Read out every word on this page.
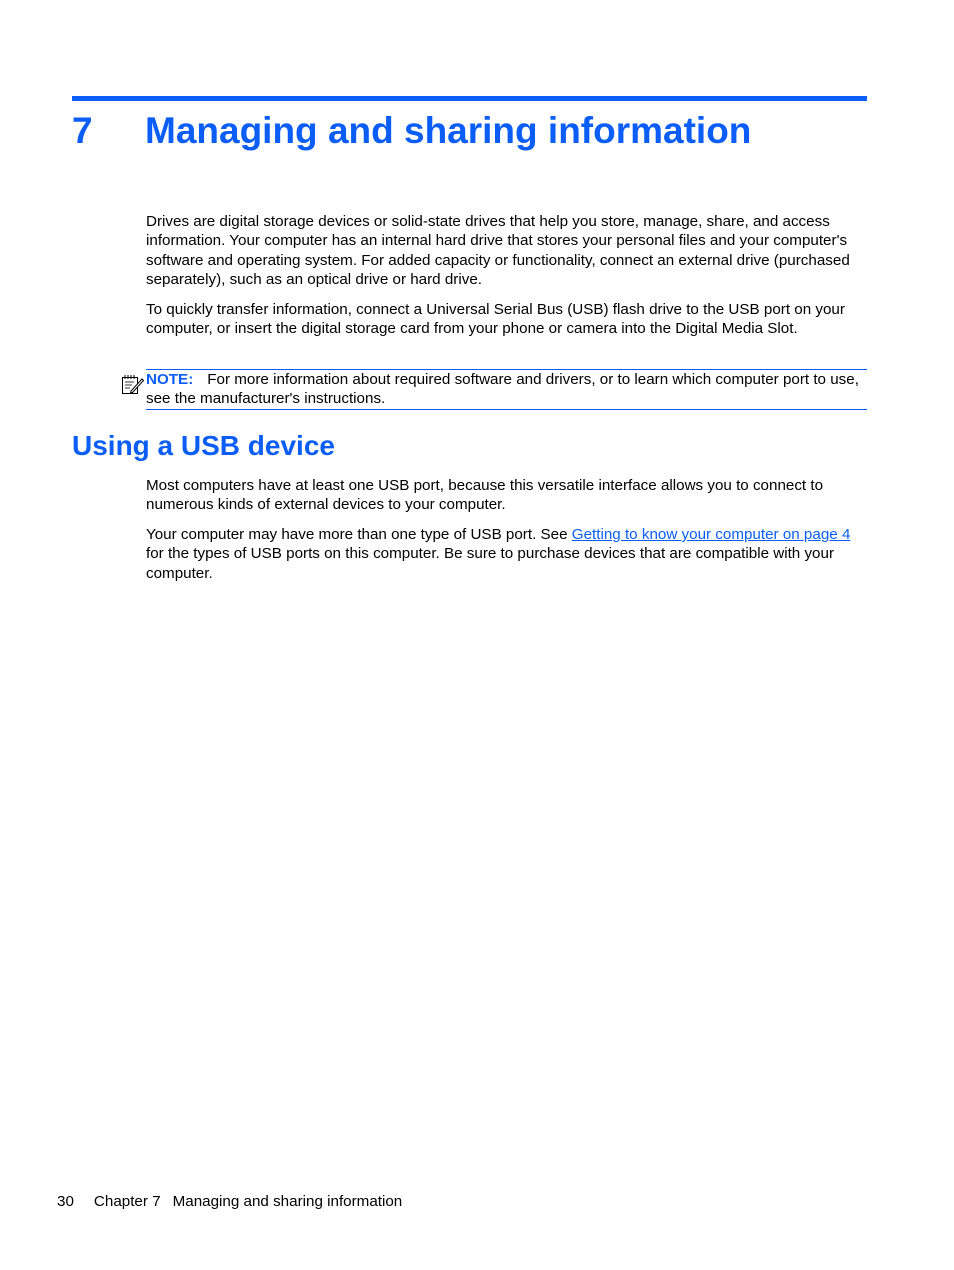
7 Managing and sharing information

Drives are digital storage devices or solid-state drives that help you store, manage, share, and access information. Your computer has an internal hard drive that stores your personal files and your computer's software and operating system. For added capacity or functionality, connect an external drive (purchased separately), such as an optical drive or hard drive.

To quickly transfer information, connect a Universal Serial Bus (USB) flash drive to the USB port on your computer, or insert the digital storage card from your phone or camera into the Digital Media Slot.

NOTE: For more information about required software and drivers, or to learn which computer port to use, see the manufacturer's instructions.

Using a USB device

Most computers have at least one USB port, because this versatile interface allows you to connect to numerous kinds of external devices to your computer.

Your computer may have more than one type of USB port. See Getting to know your computer on page 4 for the types of USB ports on this computer. Be sure to purchase devices that are compatible with your computer.

30 Chapter 7 Managing and sharing information
